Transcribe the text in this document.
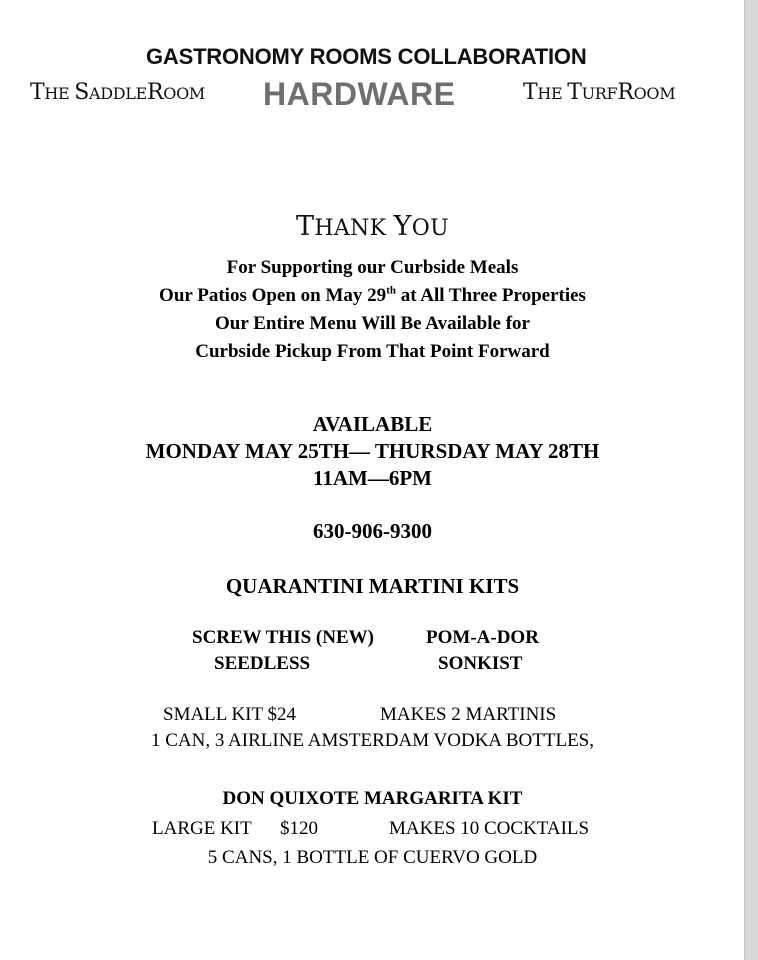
GASTRONOMY ROOMS COLLABORATION
THE SADDLEROOM HARDWARE	THE TURFROOM
THANK YOU
For Supporting our Curbside Meals
Our Patios Open on May 29th at All Three Properties
Our Entire Menu Will Be Available for
Curbside Pickup From That Point Forward
AVAILABLE
MONDAY MAY 25TH— THURSDAY MAY 28TH
11AM—6PM
630-906-9300
QUARANTINI MARTINI KITS
SCREW THIS (NEW)	POM-A-DOR
SEEDLESS	SONKIST
SMALL KIT $24	MAKES 2 MARTINIS
1 CAN, 3 AIRLINE AMSTERDAM VODKA BOTTLES,
DON QUIXOTE MARGARITA KIT
LARGE KIT $120	MAKES 10 COCKTAILS
5 CANS, 1 BOTTLE OF CUERVO GOLD
